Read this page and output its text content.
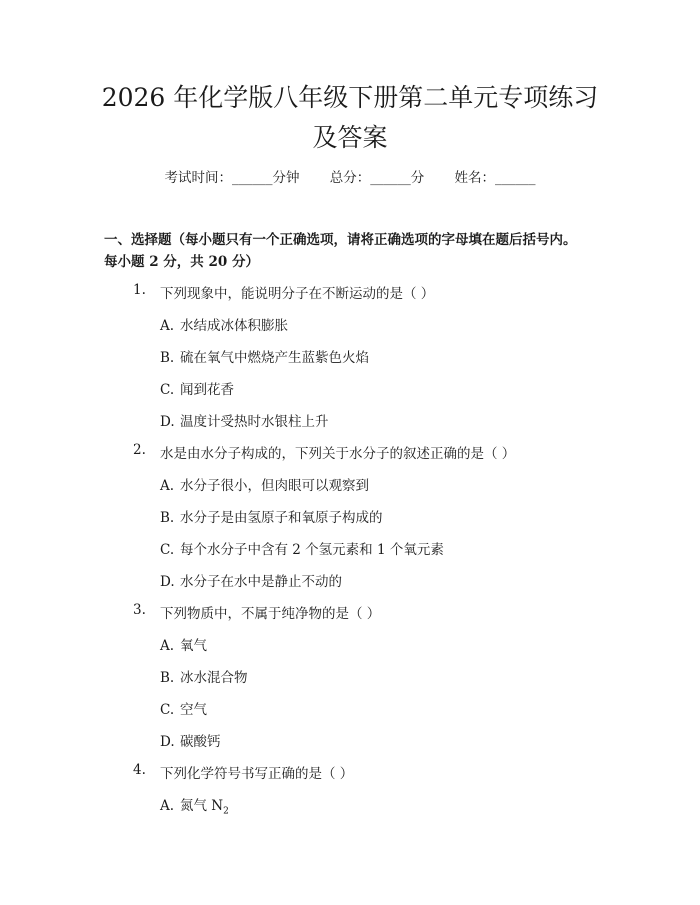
2026 年化学版八年级下册第二单元专项练习
及答案
考试时间：______分钟 总分：______分 姓名：______
一、选择题（每小题只有一个正确选项，请将正确选项的字母填在题后括号内。
每小题 2 分，共 20 分）
1. 下列现象中，能说明分子在不断运动的是（ ）
A. 水结成冰体积膨胀
B. 硫在氧气中燃烧产生蓝紫色火焰
C. 闻到花香
D. 温度计受热时水银柱上升
2. 水是由水分子构成的，下列关于水分子的叙述正确的是（ ）
A. 水分子很小，但肉眼可以观察到
B. 水分子是由氢原子和氧原子构成的
C. 每个水分子中含有 2 个氢元素和 1 个氧元素
D. 水分子在水中是静止不动的
3. 下列物质中，不属于纯净物的是（ ）
A. 氧气
B. 冰水混合物
C. 空气
D. 碳酸钙
4. 下列化学符号书写正确的是（ ）
A. 氮气 $N_2$
